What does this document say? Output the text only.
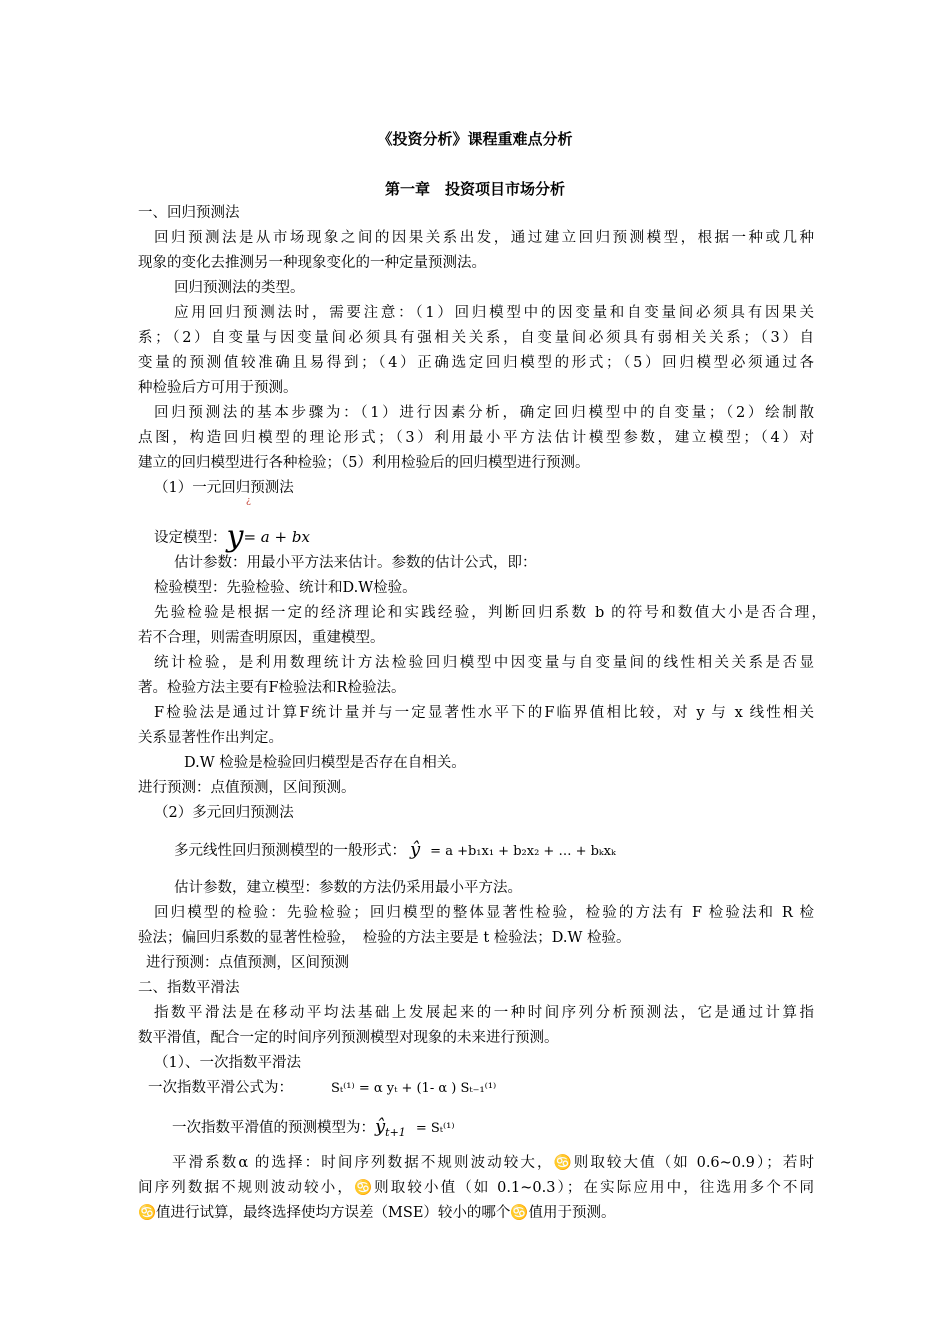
《投资分析》课程重难点分析
第一章　投资项目市场分析
一、回归预测法
回归预测法是从市场现象之间的因果关系出发，通过建立回归预测模型，根据一种或几种
现象的变化去推测另一种现象变化的一种定量预测法。
回归预测法的类型。
应用回归预测法时，需要注意：（1）回归模型中的因变量和自变量间必须具有因果关
系；（2）自变量与因变量间必须具有强相关关系，自变量间必须具有弱相关关系；（3）自
变量的预测值较准确且易得到；（4）正确选定回归模型的形式；（5）回归模型必须通过各
种检验后方可用于预测。
回归预测法的基本步骤为：（1）进行因素分析，确定回归模型中的自变量；（2）绘制散
点图，构造回归模型的理论形式；（3）利用最小平方法估计模型参数，建立模型；（4）对
建立的回归模型进行各种检验；（5）利用检验后的回归模型进行预测。
（1）一元回归预测法
¿
设定模型：y= a + bx
估计参数：用最小平方法来估计。参数的估计公式，即：
检验模型：先验检验、统计和D.W检验。
先验检验是根据一定的经济理论和实践经验，判断回归系数 b 的符号和数值大小是否合理，
若不合理，则需查明原因，重建模型。
统计检验，是利用数理统计方法检验回归模型中因变量与自变量间的线性相关关系是否显
著。检验方法主要有F检验法和R检验法。
F检验法是通过计算F统计量并与一定显著性水平下的F临界值相比较，对 y 与 x 线性相关
关系显著性作出判定。
D.W 检验是检验回归模型是否存在自相关。
进行预测：点值预测，区间预测。
（2）多元回归预测法
多元线性回归预测模型的一般形式： ŷ = a +b₁x₁ + b₂x₂ + … + bₖxₖ
估计参数，建立模型：参数的方法仍采用最小平方法。
回归模型的检验：先验检验；回归模型的整体显著性检验，检验的方法有 F 检验法和 R 检
验法；偏回归系数的显著性检验，　检验的方法主要是 t 检验法；D.W 检验。
进行预测：点值预测，区间预测
二、指数平滑法
指数平滑法是在移动平均法基础上发展起来的一种时间序列分析预测法，它是通过计算指
数平滑值，配合一定的时间序列预测模型对现象的未来进行预测。
（1）、一次指数平滑法
一次指数平滑公式为：	Sₜ⁽¹⁾ = α yₜ + (1- α ) Sₜ₋₁⁽¹⁾
一次指数平滑值的预测模型为：$ŷ_{t+1} = S_t^{(1)}$
平滑系数α 的选择：时间序列数据不规则波动较大，♋则取较大值（如 0.6~0.9）；若时
间序列数据不规则波动较小，♋则取较小值（如 0.1~0.3）；在实际应用中，往选用多个不同
♋值进行试算，最终选择使均方误差（MSE）较小的哪个♋值用于预测。
